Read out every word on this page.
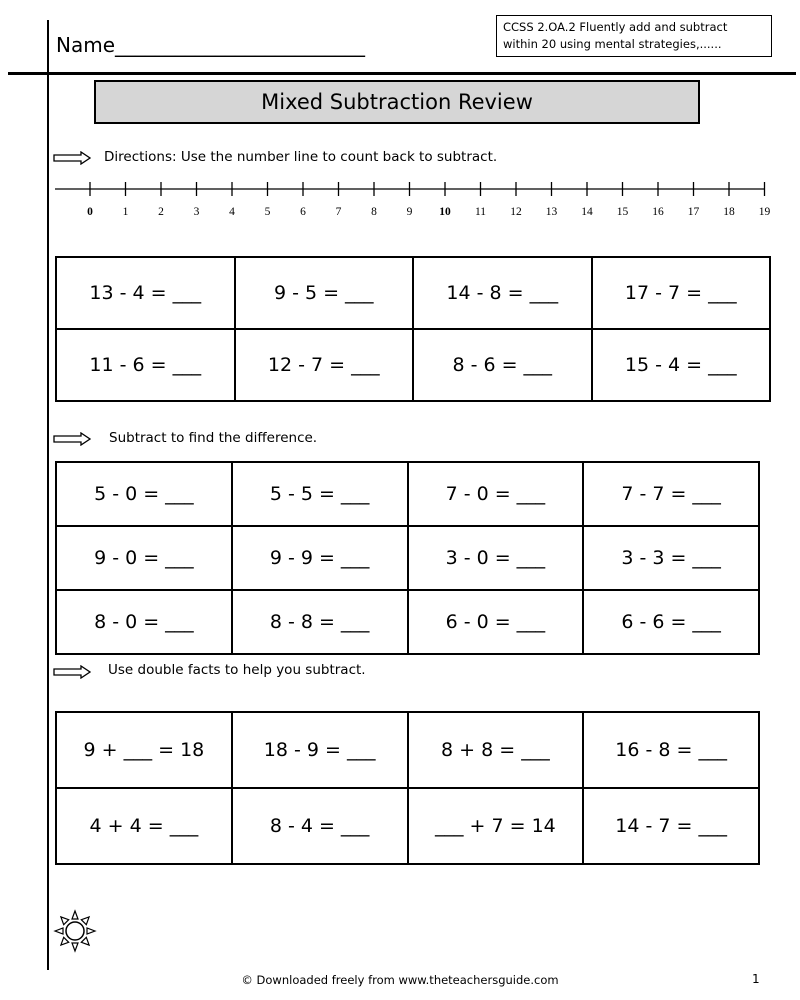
Name_________________________
CCSS 2.OA.2 Fluently add and subtract
within 20 using mental strategies,......
Mixed Subtraction Review
Directions: Use the number line to count back to subtract.
0	1	2	3	4	5	6	7	8	9 10 11 12 13 14 15 16 17 18 19
13 - 4 = ___	9 - 5 = ___	14 - 8 = ___	17 - 7 = ___
11 - 6 = ___	12 - 7 = ___	8 - 6 = ___	15 - 4 = ___
Subtract to find the difference.
5 - 0 = ___	5 - 5 = ___	7 - 0 = ___	7 - 7 = ___
9 - 0 = ___	9 - 9 = ___	3 - 0 = ___	3 - 3 = ___
8 - 0 = ___	8 - 8 = ___	6 - 0 = ___	6 - 6 = ___
Use double facts to help you subtract.
9 + ___ = 18	18 - 9 = ___	8 + 8 = ___	16 - 8 = ___
4 + 4 = ___	8 - 4 = ___	___ + 7 = 14	14 - 7 = ___
© Downloaded freely from www.theteachersguide.com	1
